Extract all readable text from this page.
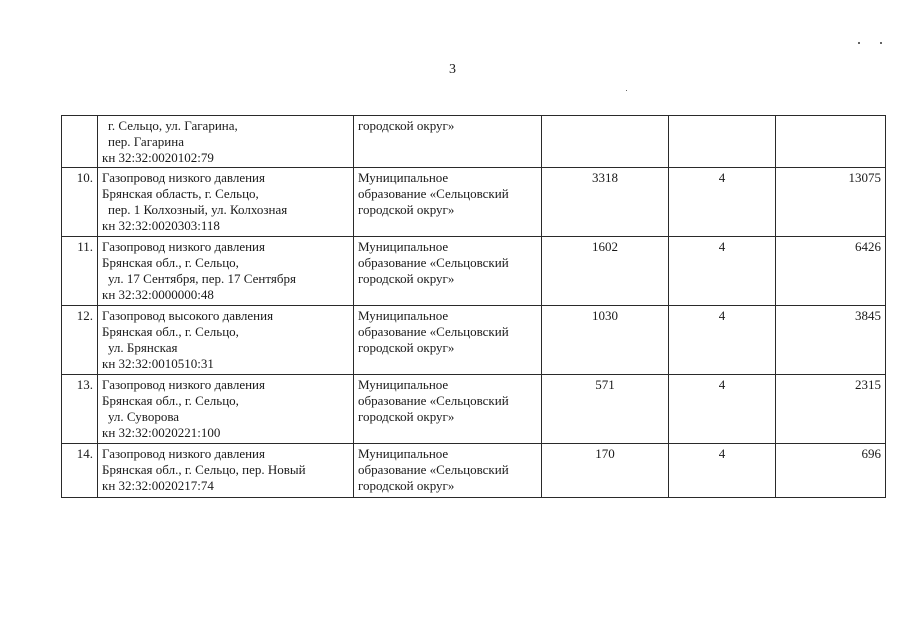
3

	г. Сельцо, ул. Гагарина,
пер. Гагарина
кн 32:32:0020102:79	городской округ»			

10.	Газопровод низкого давления
Брянская область, г. Сельцо,
пер. 1 Колхозный, ул. Колхозная
кн 32:32:0020303:118	Муниципальное
образование «Сельцовский
городской округ»	3318	4	13075
11.	Газопровод низкого давления
Брянская обл., г. Сельцо,
ул. 17 Сентября, пер. 17 Сентября
кн 32:32:0000000:48	Муниципальное
образование «Сельцовский
городской округ»	1602	4	6426
12.	Газопровод высокого давления
Брянская обл., г. Сельцо,
ул. Брянская
кн 32:32:0010510:31	Муниципальное
образование «Сельцовский
городской округ»	1030	4	3845
13.	Газопровод низкого давления
Брянская обл., г. Сельцо,
ул. Суворова
кн 32:32:0020221:100	Муниципальное
образование «Сельцовский
городской округ»	571	4	2315
14.	Газопровод низкого давления
Брянская обл., г. Сельцо, пер. Новый
кн 32:32:0020217:74	Муниципальное
образование «Сельцовский
городской округ»	170	4	696
